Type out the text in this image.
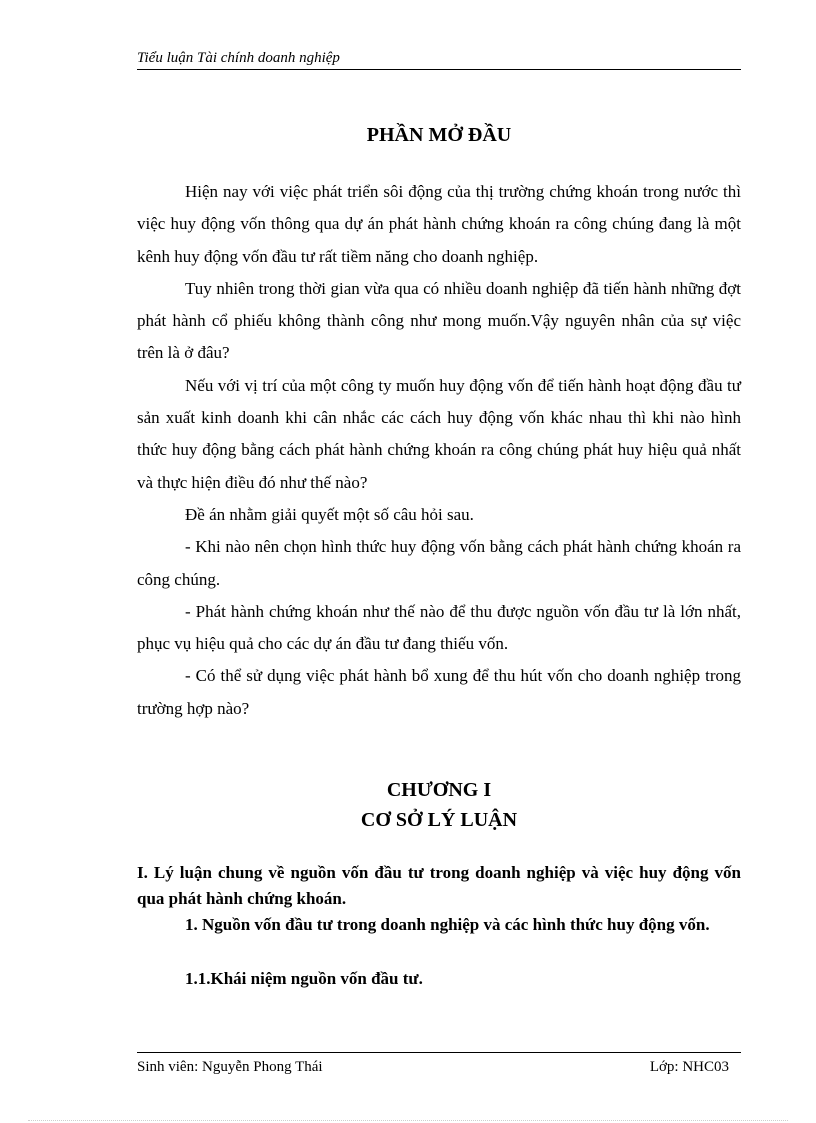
Tiểu luận Tài chính doanh nghiệp
PHẦN MỞ ĐẦU

Hiện nay với việc phát triển sôi động của thị trường chứng khoán trong nước thì việc huy động vốn thông qua dự án phát hành chứng khoán ra công chúng đang là một kênh huy động vốn đầu tư rất tiềm năng cho doanh nghiệp.

Tuy nhiên trong thời gian vừa qua có nhiều doanh nghiệp đã tiến hành những đợt phát hành cổ phiếu không thành công như mong muốn.Vậy nguyên nhân của sự việc trên là ở đâu?

Nếu với vị trí của một công ty muốn huy động vốn để tiến hành hoạt động đầu tư sản xuất kinh doanh khi cân nhắc các cách huy động vốn khác nhau thì khi nào hình thức huy động bằng cách phát hành chứng khoán ra công chúng phát huy hiệu quả nhất và thực hiện điều đó như thế nào?

Đề án nhằm giải quyết một số câu hỏi sau.

- Khi nào nên chọn hình thức huy động vốn bằng cách phát hành chứng khoán ra công chúng.

- Phát hành chứng khoán như thế nào để thu được nguồn vốn đầu tư là lớn nhất, phục vụ hiệu quả cho các dự án đầu tư đang thiếu vốn.

- Có thể sử dụng việc phát hành bổ xung để thu hút vốn cho doanh nghiệp trong trường hợp nào?

CHƯƠNG I
CƠ SỞ LÝ LUẬN
I. Lý luận chung về nguồn vốn đầu tư trong doanh nghiệp và việc huy động vốn qua phát hành chứng khoán.
1. Nguồn vốn đầu tư trong doanh nghiệp và các hình thức huy động vốn.
1.1.Khái niệm nguồn vốn đầu tư.
Sinh viên: Nguyễn Phong Thái	Lớp: NHC03
